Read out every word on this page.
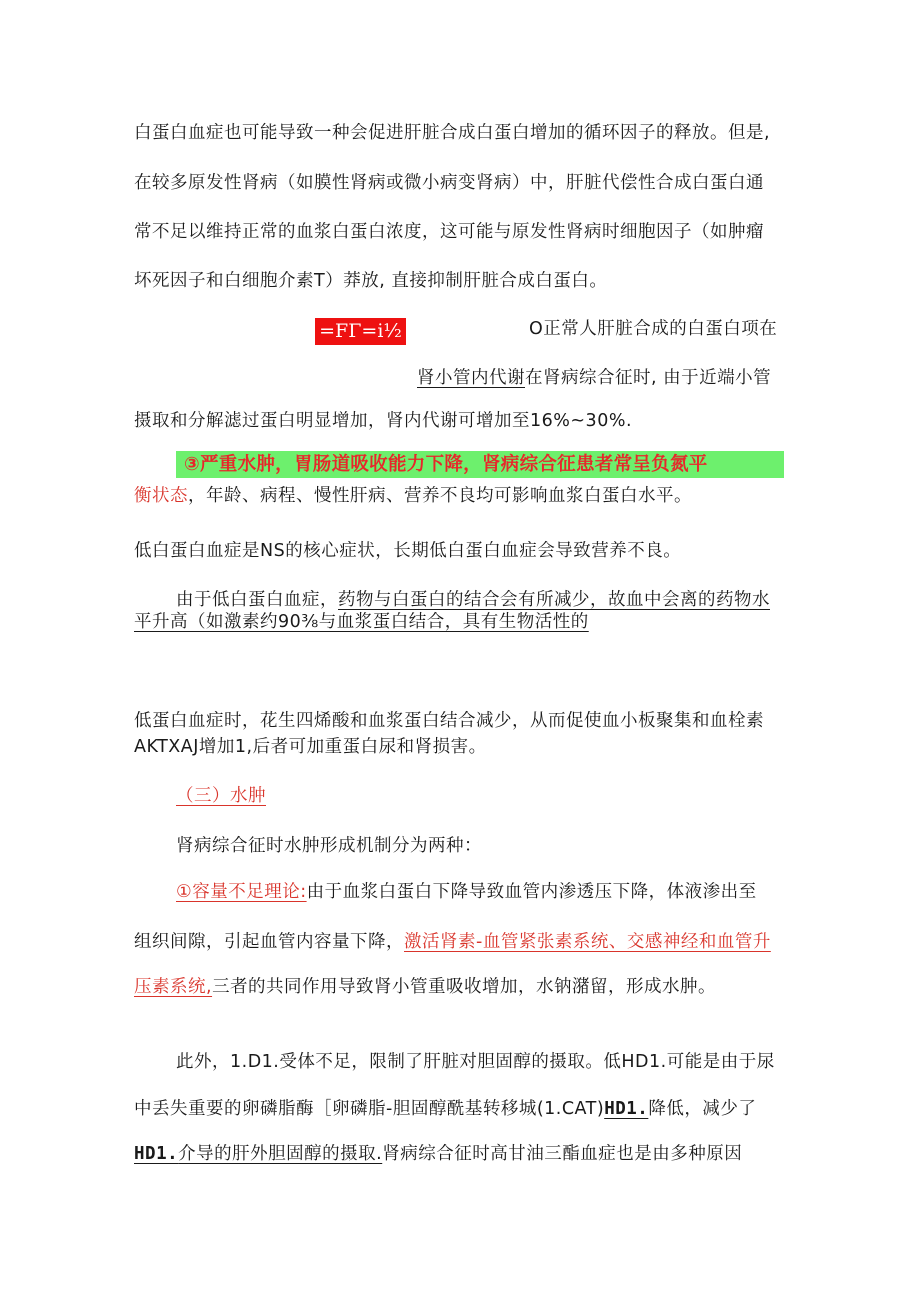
白蛋白血症也可能导致一种会促进肝脏合成白蛋白增加的循环因子的释放。但是,
在较多原发性肾病（如膜性肾病或微小病变肾病）中，肝脏代偿性合成白蛋白通
常不足以维持正常的血浆白蛋白浓度，这可能与原发性肾病时细胞因子（如肿瘤
坏死因子和白细胞介素T）莽放, 直接抑制肝脏合成白蛋白。
=FΓ=i½	O正常人肝脏合成的白蛋白项在
肾小管内代谢在肾病综合征时, 由于近端小管
摄取和分解滤过蛋白明显增加，肾内代谢可增加至16%~30%.
③严重水肿，胃肠道吸收能力下降，肾病综合征患者常呈负氮平
衡状态，年龄、病程、慢性肝病、营养不良均可影响血浆白蛋白水平。
低白蛋白血症是NS的核心症状，长期低白蛋白血症会导致营养不良。
由于低白蛋白血症，药物与白蛋白的结合会有所减少，故血中会离的药物水
平升高（如激素约90⅜与血浆蛋白结合，具有生物活性的
低蛋白血症时，花生四烯酸和血浆蛋白结合减少，从而促使血小板聚集和血栓素
AKTXAJ增加1,后者可加重蛋白尿和肾损害。
（三）水肿
肾病综合征时水肿形成机制分为两种：
①容量不足理论:由于血浆白蛋白下降导致血管内渗透压下降，体液渗出至
组织间隙，引起血管内容量下降，激活肾素-血管紧张素系统、交感神经和血管升
压素系统,三者的共同作用导致肾小管重吸收增加，水钠潴留，形成水肿。
此外，1.D1.受体不足，限制了肝脏对胆固醇的摄取。低HD1.可能是由于尿
中丢失重要的卵磷脂酶［卵磷脂-胆固醇酰基转移城(1.CAT)HD1.降低，减少了
HD1.介导的肝外胆固醇的摄取.肾病综合征时高甘油三酯血症也是由多种原因
